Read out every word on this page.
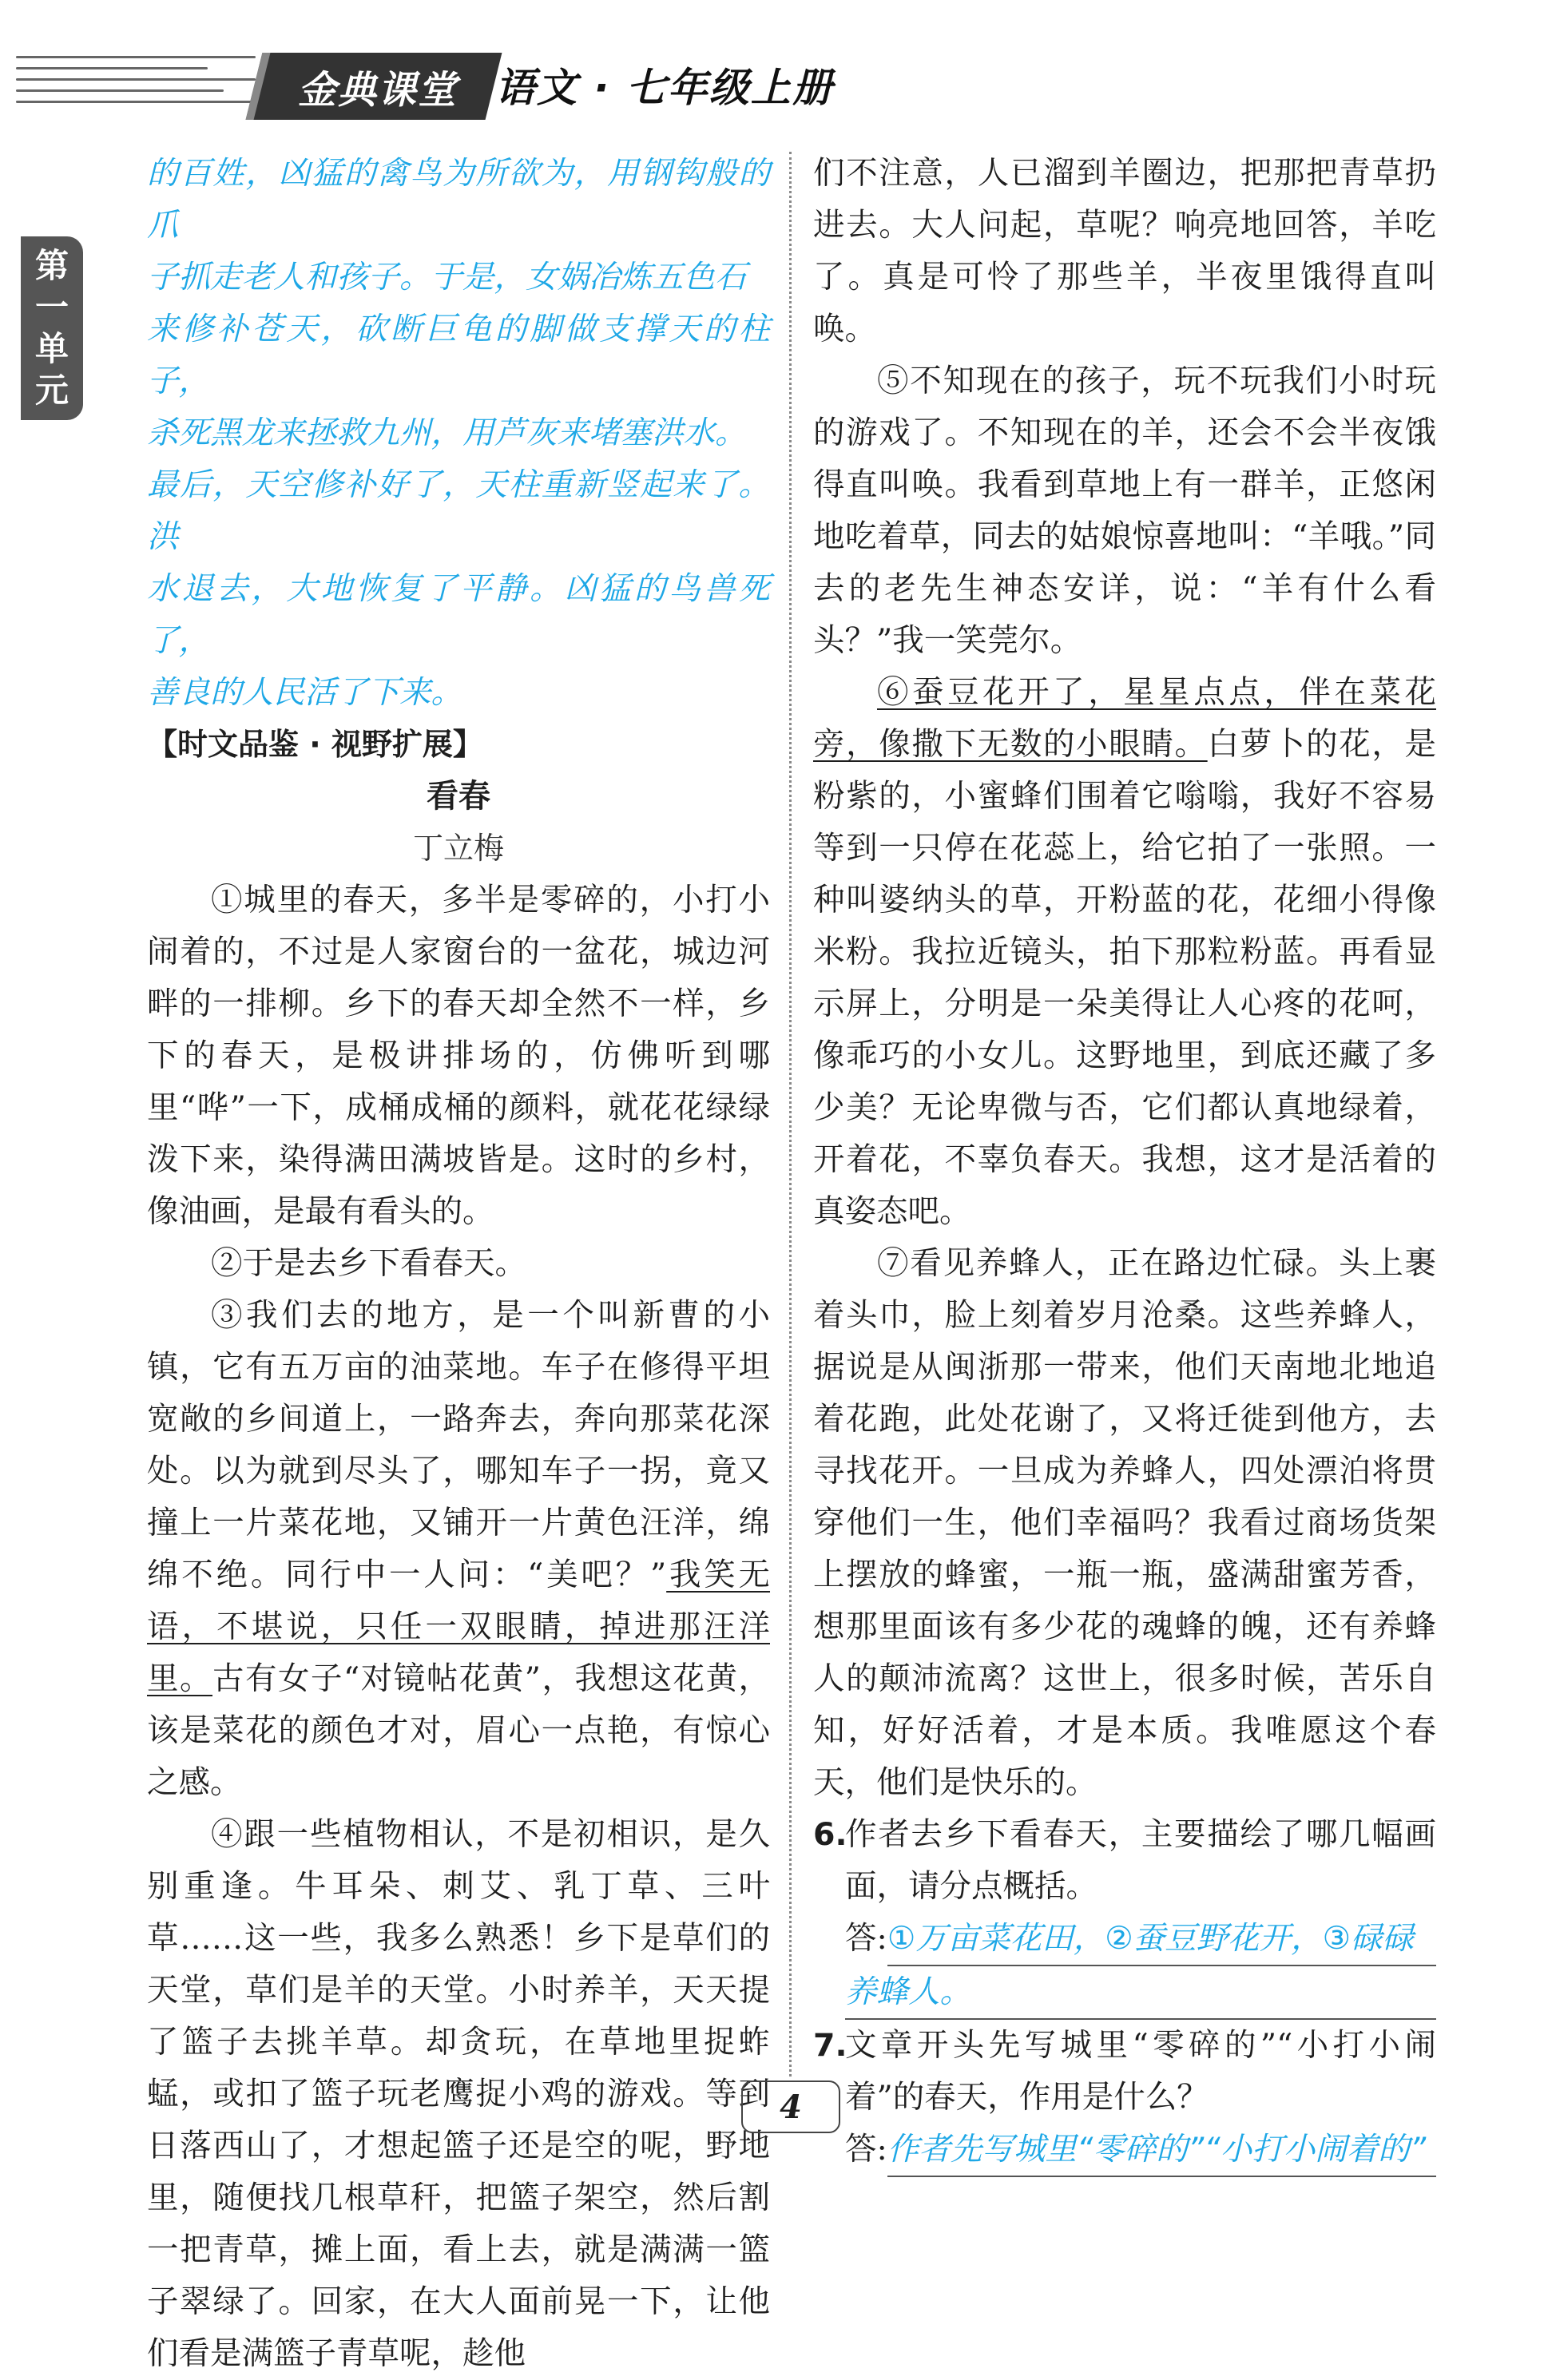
金典课堂 语文 · 七年级上册
第
一
单
元

的百姓，凶猛的禽鸟为所欲为，用钢钩般的爪

子抓走老人和孩子。于是，女娲冶炼五色石

来修补苍天，砍断巨龟的脚做支撑天的柱子，

杀死黑龙来拯救九州，用芦灰来堵塞洪水。

最后，天空修补好了，天柱重新竖起来了。洪

水退去，大地恢复了平静。凶猛的鸟兽死了，

善良的人民活了下来。

【时文品鉴 · 视野扩展】

看春

丁立梅

①城里的春天，多半是零碎的，小打小闹着的，不过是人家窗台的一盆花，城边河畔的一排柳。乡下的春天却全然不一样，乡下的春天，是极讲排场的，仿佛听到哪里“哗”一下，成桶成桶的颜料，就花花绿绿泼下来，染得满田满坡皆是。这时的乡村，像油画，是最有看头的。

②于是去乡下看春天。

③我们去的地方，是一个叫新曹的小镇，它有五万亩的油菜地。车子在修得平坦宽敞的乡间道上，一路奔去，奔向那菜花深处。以为就到尽头了，哪知车子一拐，竟又撞上一片菜花地，又铺开一片黄色汪洋，绵绵不绝。同行中一人问：“美吧？”我笑无语，不堪说，只任一双眼睛，掉进那汪洋里。古有女子“对镜帖花黄”，我想这花黄，该是菜花的颜色才对，眉心一点艳，有惊心之感。

④跟一些植物相认，不是初相识，是久别重逢。牛耳朵、刺艾、乳丁草、三叶草……这一些，我多么熟悉！乡下是草们的天堂，草们是羊的天堂。小时养羊，天天提了篮子去挑羊草。却贪玩，在草地里捉蚱蜢，或扣了篮子玩老鹰捉小鸡的游戏。等到日落西山了，才想起篮子还是空的呢，野地里，随便找几根草秆，把篮子架空，然后割一把青草，摊上面，看上去，就是满满一篮子翠绿了。回家，在大人面前晃一下，让他们看是满篮子青草呢，趁他

们不注意，人已溜到羊圈边，把那把青草扔进去。大人问起，草呢？响亮地回答，羊吃了。真是可怜了那些羊，半夜里饿得直叫唤。

⑤不知现在的孩子，玩不玩我们小时玩的游戏了。不知现在的羊，还会不会半夜饿得直叫唤。我看到草地上有一群羊，正悠闲地吃着草，同去的姑娘惊喜地叫：“羊哦。”同去的老先生神态安详，说：“羊有什么看头？”我一笑莞尔。

⑥蚕豆花开了，星星点点，伴在菜花旁，像撒下无数的小眼睛。白萝卜的花，是粉紫的，小蜜蜂们围着它嗡嗡，我好不容易等到一只停在花蕊上，给它拍了一张照。一种叫婆纳头的草，开粉蓝的花，花细小得像米粉。我拉近镜头，拍下那粒粉蓝。再看显示屏上，分明是一朵美得让人心疼的花呵，像乖巧的小女儿。这野地里，到底还藏了多少美？无论卑微与否，它们都认真地绿着，开着花，不辜负春天。我想，这才是活着的真姿态吧。

⑦看见养蜂人，正在路边忙碌。头上裹着头巾，脸上刻着岁月沧桑。这些养蜂人，据说是从闽浙那一带来，他们天南地北地追着花跑，此处花谢了，又将迁徙到他方，去寻找花开。一旦成为养蜂人，四处漂泊将贯穿他们一生，他们幸福吗？我看过商场货架上摆放的蜂蜜，一瓶一瓶，盛满甜蜜芳香，想那里面该有多少花的魂蜂的魄，还有养蜂人的颠沛流离？这世上，很多时候，苦乐自知，好好活着，才是本质。我唯愿这个春天，他们是快乐的。

6.
作者去乡下看春天，主要描绘了哪几幅画面，请分点概括。
答: ①万亩菜花田，②蚕豆野花开，③碌碌
养蜂人。
7.
文章开头先写城里“零碎的”“小打小闹着”的春天，作用是什么？
答: 作者先写城里“零碎的”“小打小闹着的”
4
